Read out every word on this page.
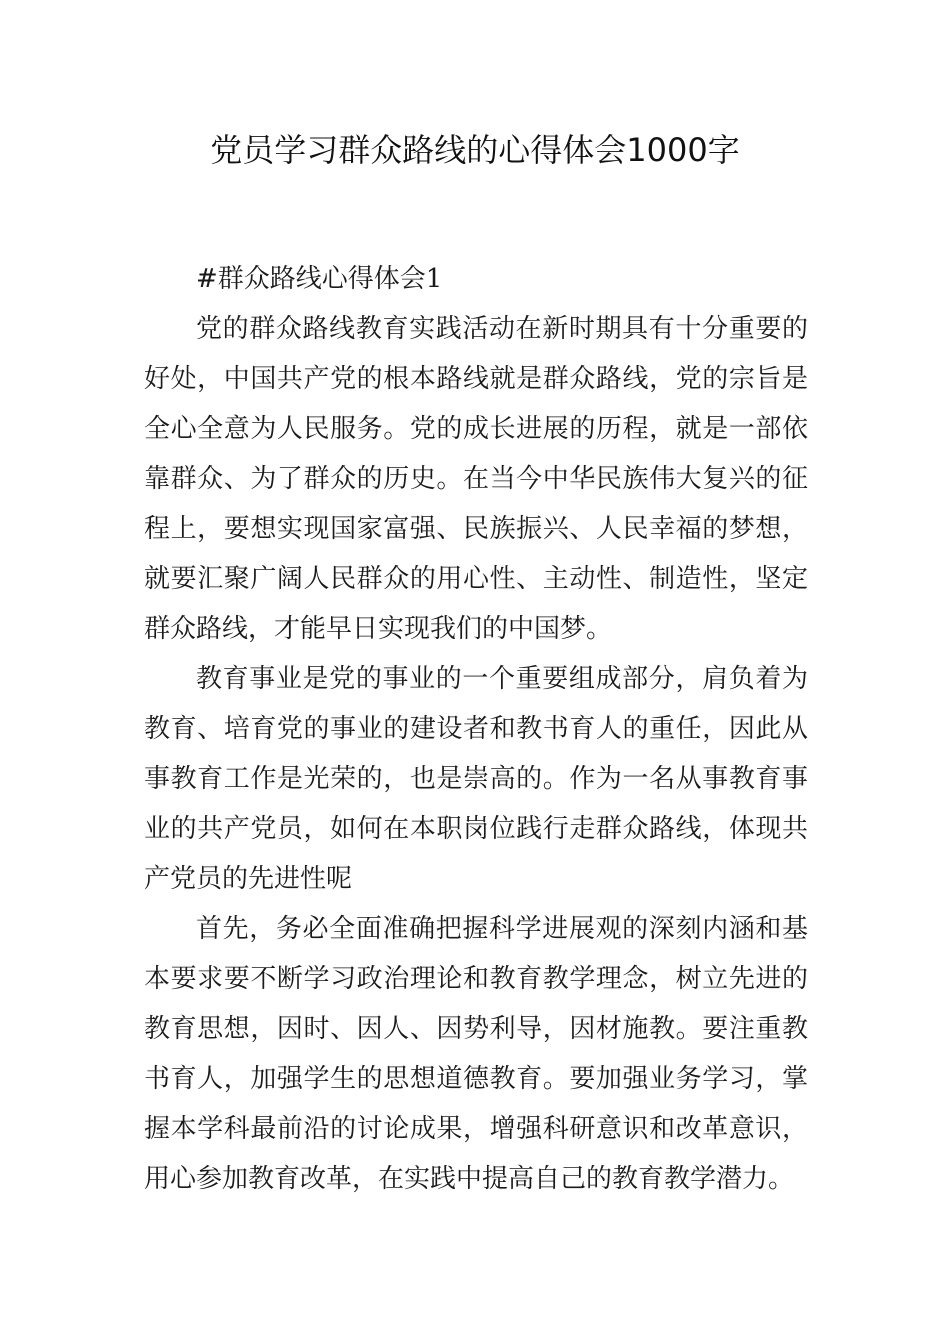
党员学习群众路线的心得体会1000字

#群众路线心得体会1

党的群众路线教育实践活动在新时期具有十分重要的好处，中国共产党的根本路线就是群众路线，党的宗旨是全心全意为人民服务。党的成长进展的历程，就是一部依靠群众、为了群众的历史。在当今中华民族伟大复兴的征程上，要想实现国家富强、民族振兴、人民幸福的梦想，就要汇聚广阔人民群众的用心性、主动性、制造性，坚定群众路线，才能早日实现我们的中国梦。

教育事业是党的事业的一个重要组成部分，肩负着为教育、培育党的事业的建设者和教书育人的重任，因此从事教育工作是光荣的，也是崇高的。作为一名从事教育事业的共产党员，如何在本职岗位践行走群众路线，体现共产党员的先进性呢

首先，务必全面准确把握科学进展观的深刻内涵和基本要求要不断学习政治理论和教育教学理念，树立先进的教育思想，因时、因人、因势利导，因材施教。要注重教书育人，加强学生的思想道德教育。要加强业务学习，掌握本学科最前沿的讨论成果，增强科研意识和改革意识，用心参加教育改革，在实践中提高自己的教育教学潜力。
